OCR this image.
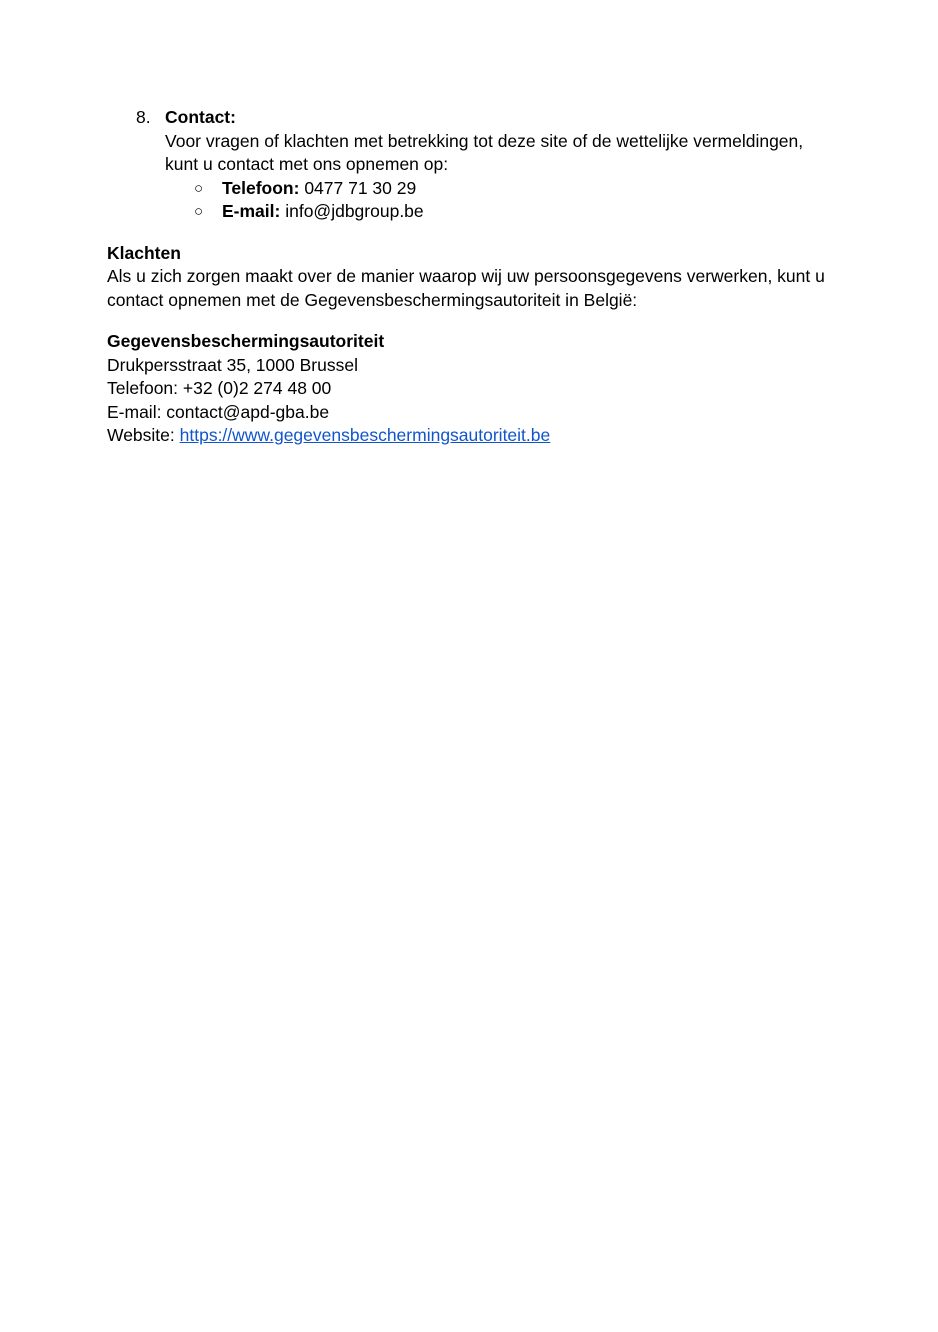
8. Contact:

Voor vragen of klachten met betrekking tot deze site of de wettelijke vermeldingen, kunt u contact met ons opnemen op:

○ Telefoon: 0477 71 30 29
○ E-mail: info@jdbgroup.be
Klachten

Als u zich zorgen maakt over de manier waarop wij uw persoonsgegevens verwerken, kunt u contact opnemen met de Gegevensbeschermingsautoriteit in België:

Gegevensbeschermingsautoriteit
Drukpersstraat 35, 1000 Brussel
Telefoon: +32 (0)2 274 48 00
E-mail: contact@apd-gba.be
Website: https://www.gegevensbeschermingsautoriteit.be
